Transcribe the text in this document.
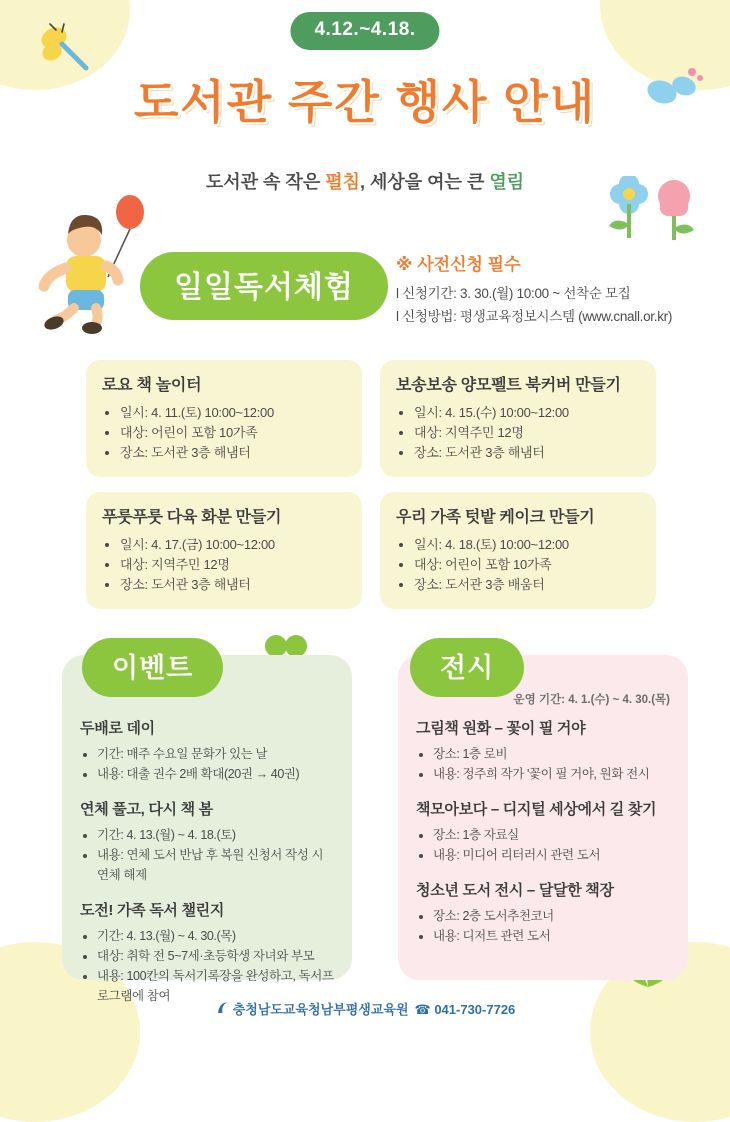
4.12.~4.18.
도서관 주간 행사 안내
도서관 속 작은 펼침, 세상을 여는 큰 열림
일일독서체험
※ 사전신청 필수
l 신청기간: 3. 30.(월) 10:00 ~ 선착순 모집
l 신청방법: 평생교육정보시스템 (www.cnall.or.kr)
로요 책 놀이터
• 일시: 4. 11.(토) 10:00~12:00
• 대상: 어린이 포함 10가족
• 장소: 도서관 3층 해냄터
보송보송 양모펠트 북커버 만들기
• 일시: 4. 15.(수) 10:00~12:00
• 대상: 지역주민 12명
• 장소: 도서관 3층 해냄터
푸룻푸룻 다육 화분 만들기
• 일시: 4. 17.(금) 10:00~12:00
• 대상: 지역주민 12명
• 장소: 도서관 3층 해냄터
우리 가족 텃밭 케이크 만들기
• 일시: 4. 18.(토) 10:00~12:00
• 대상: 어린이 포함 10가족
• 장소: 도서관 3층 배움터
두배로 데이
• 기간: 매주 수요일 문화가 있는 날
• 내용: 대출 권수 2배 확대(20권 → 40권)
연체 풀고, 다시 책 봄
• 기간: 4. 13.(월) ~ 4. 18.(토)
• 내용: 연체 도서 반납 후 복원 신청서 작성 시 연체 해제
도전! 가족 독서 챌린지
• 기간: 4. 13.(월) ~ 4. 30.(목)
• 대상: 취학 전 5~7세·초등학생 자녀와 부모
• 내용: 100칸의 독서기록장을 완성하고, 독서프로그램에 참여
이벤트
운영 기간: 4. 1.(수) ~ 4. 30.(목)
그림책 원화 – 꽃이 필 거야
• 장소: 1층 로비
• 내용: 정주희 작가 '꽃이 필 거야, 원화 전시
책모아보다 – 디지털 세상에서 길 찾기
• 장소: 1층 자료실
• 내용: 미디어 리터러시 관련 도서
청소년 도서 전시 – 달달한 책장
• 장소: 2층 도서추천코너
• 내용: 디저트 관련 도서
전시
충청남도교육청남부평생교육원 ☎ 041-730-7726
